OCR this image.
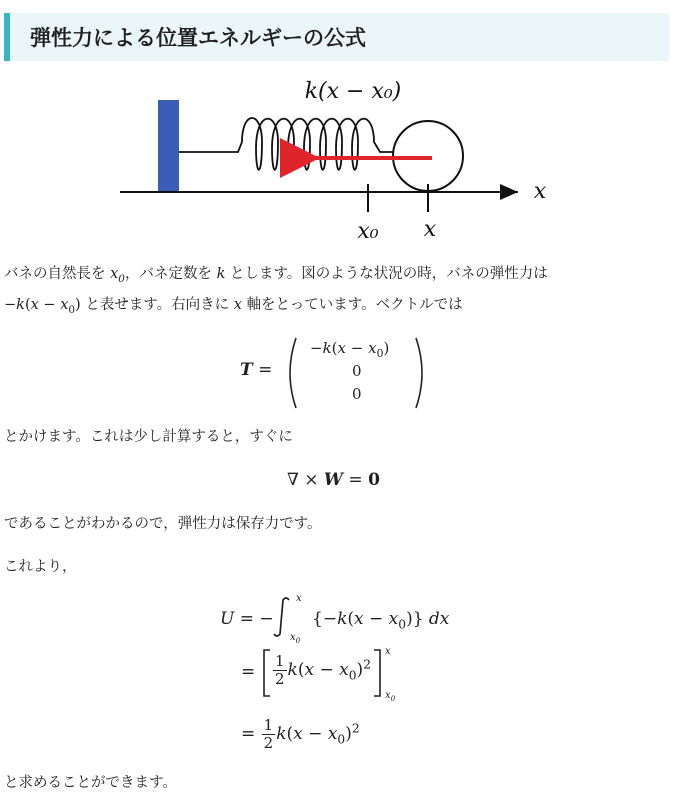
弾性力による位置エネルギーの公式
k(x − x₀)
x₀ x
x
バネの自然長を $x_0$，バネ定数を k とします。図のような状況の時，バネの弾性力は
$-k(x - x_0)$ と表せます。右向きに x 軸をとっています。ベクトルでは
T =
$-k(x - x_0)$
0
0
とかけます。これは少し計算すると，すぐに
∇ × W = 0
であることがわかるので，弾性力は保存力です。
これより，
U = −
x
$x_0$
$\{-k(x - x_0)\}$ dx
= $\frac{1}{2} k(x - x_0)^2$
x
$x_0$
= $\frac{1}{2} k(x - x_0)^2$
と求めることができます。
